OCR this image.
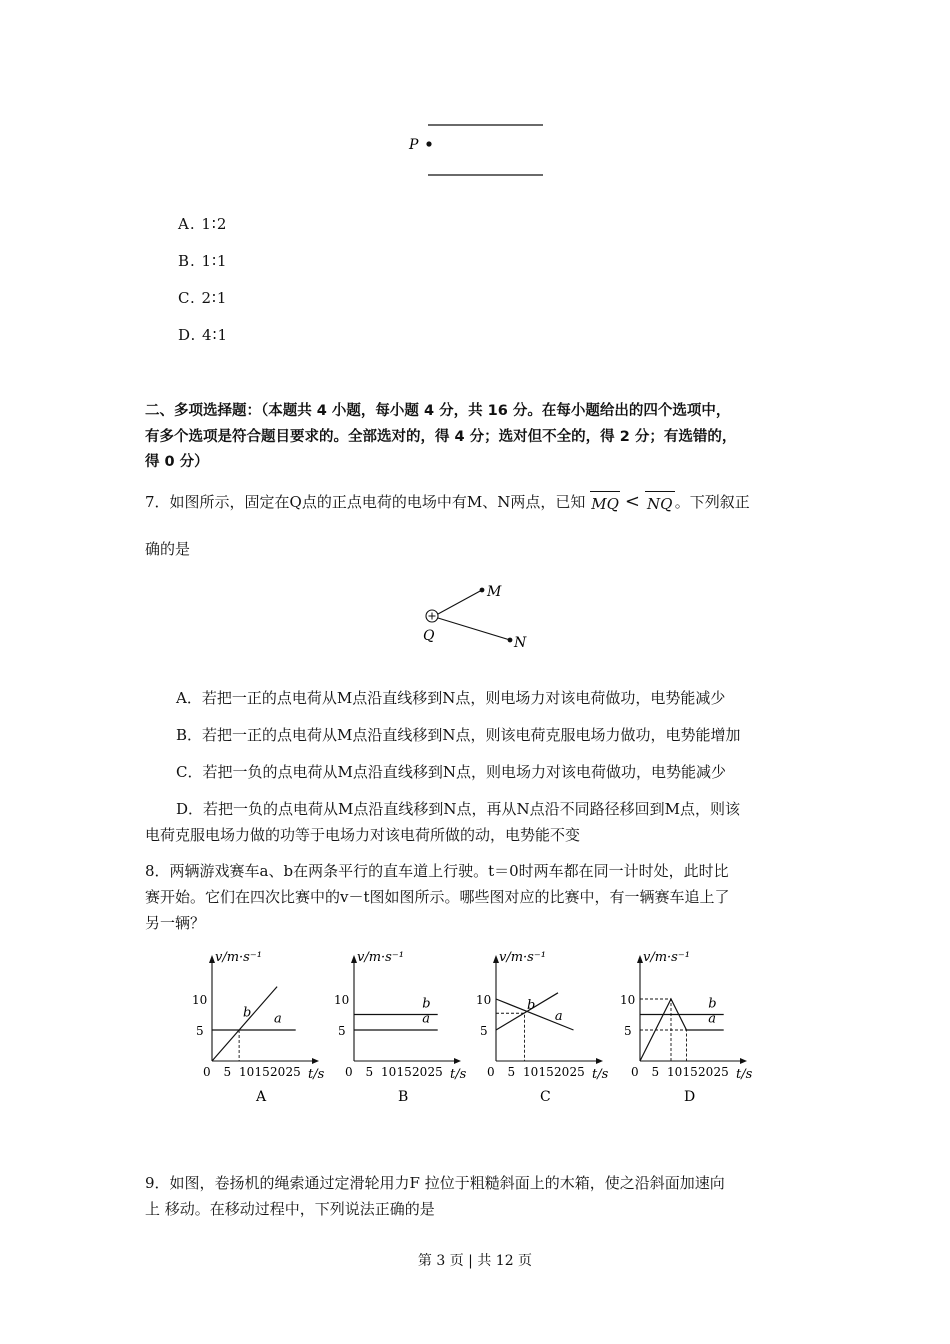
P
A. 1∶2
B. 1∶1
C. 2∶1
D. 4∶1
二、多项选择题：（本题共 4 小题，每小题 4 分，共 16 分。在每小题给出的四个选项中，
有多个选项是符合题目要求的。全部选对的，得 4 分；选对但不全的，得 2 分；有选错的，
得 0 分）
7．如图所示，固定在Q点的正点电荷的电场中有M、N两点，已知 MQ < NQ 。下列叙正
确的是
Q
M
N
A．若把一正的点电荷从M点沿直线移到N点，则电场力对该电荷做功，电势能减少
B．若把一正的点电荷从M点沿直线移到N点，则该电荷克服电场力做功，电势能增加
C．若把一负的点电荷从M点沿直线移到N点，则电场力对该电荷做功，电势能减少
D．若把一负的点电荷从M点沿直线移到N点，再从N点沿不同路径移回到M点，则该
电荷克服电场力做的功等于电场力对该电荷所做的动，电势能不变
8．两辆游戏赛车a、b在两条平行的直车道上行驶。t＝0时两车都在同一计时处，此时比
赛开始。它们在四次比赛中的v－t图如图所示。哪些图对应的比赛中，有一辆赛车追上了
另一辆？
v/m·s⁻¹
t/s
0 5 10 15 20 25
5
10
a
b
A
v/m·s⁻¹
t/s
0 5 10 15 20 25
5
10
a
b
B
v/m·s⁻¹
t/s
0 5 10 15 20 25
5
10
a
b
C
v/m·s⁻¹
t/s
0 5 10 15 20 25
5
10
a
b
D
9．如图，卷扬机的绳索通过定滑轮用力F 拉位于粗糙斜面上的木箱，使之沿斜面加速向
上 移动。在移动过程中，下列说法正确的是
第 3 页 | 共 12 页
